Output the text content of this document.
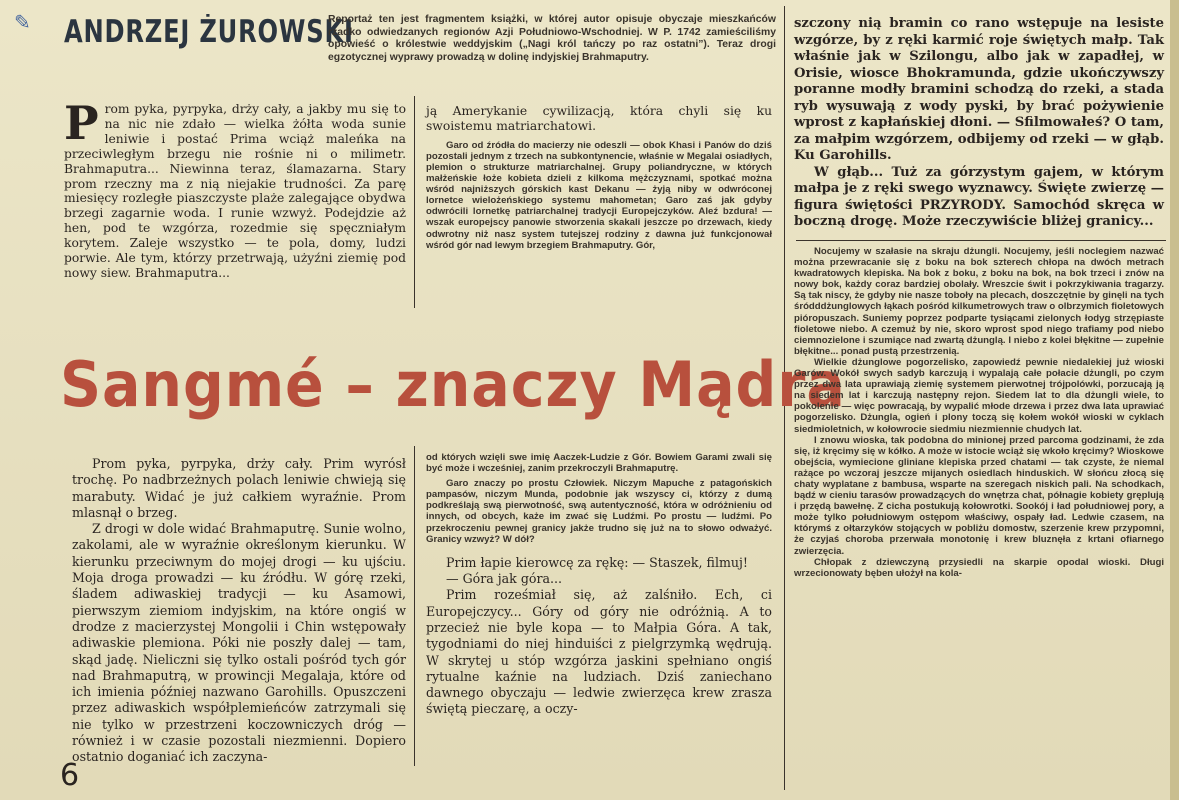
✎ ANDRZEJ ŻUROWSKI
Reportaż ten jest fragmentem książki, w której autor opisuje obyczaje mieszkańców rzadko odwiedzanych regionów Azji Południowo-Wschodniej. W P. 1742 zamieściliśmy opowieść o królestwie weddyjskim („Nagi król tańczy po raz ostatni”). Teraz drogi egzotycznej wyprawy prowadzą w dolinę indyjskiej Brahmaputry.
P rom pyka, pyrpyka, drży cały, a jakby mu się to na nic nie zdało — wielka żółta woda sunie leniwie i postać Prima wciąż maleńka na przeciwległym brzegu nie rośnie ni o milimetr. Brahmaputra... Niewinna teraz, ślamazarna. Stary prom rzeczny ma z nią niejakie trudności. Za parę miesięcy rozległe piaszczyste plaże zalegające obydwa brzegi zagarnie woda. I runie wzwyż. Podejdzie aż hen, pod te wzgórza, rozedmie się spęczniałym korytem. Zaleje wszystko — te pola, domy, ludzi porwie. Ale tym, którzy przetrwają, użyźni ziemię pod nowy siew. Brahmaputra...

ją Amerykanie cywilizacją, która chyli się ku swoistemu matriarchatowi.

Garo od źródła do macierzy nie odeszli — obok Khasi i Panów do dziś pozostali jednym z trzech na subkontynencie, właśnie w Megalai osiadłych, plemion o strukturze matriarchalnej. Grupy poliandryczne, w których małżeńskie łoże kobieta dzieli z kilkoma mężczyznami, spotkać można wśród najniższych górskich kast Dekanu — żyją niby w odwróconej lornetce wielożeńskiego systemu mahometan; Garo zaś jak gdyby odwrócili lornetkę patriarchalnej tradycji Europejczyków. Aleź bzdura! — wszak europejscy panowie stworzenia skakali jeszcze po drzewach, kiedy odwrotny niż nasz system tutejszej rodziny z dawna już funkcjonował wśród gór nad lewym brzegiem Brahmaputry. Gór,

Sangmé – znaczy Mądra

Prom pyka, pyrpyka, drży cały. Prim wyrósł trochę. Po nadbrzeżnych polach leniwie chwieją się marabuty. Widać je już całkiem wyraźnie. Prom mlasnął o brzeg.

Z drogi w dole widać Brahmaputrę. Sunie wolno, zakolami, ale w wyraźnie określonym kierunku. W kierunku przeciwnym do mojej drogi — ku ujściu. Moja droga prowadzi — ku źródłu. W górę rzeki, śladem adiwaskiej tradycji — ku Asamowi, pierwszym ziemiom indyjskim, na które ongiś w drodze z macierzystej Mongolii i Chin wstępowały adiwaskie plemiona. Póki nie poszły dalej — tam, skąd jadę. Nieliczni się tylko ostali pośród tych gór nad Brahmaputrą, w prowincji Megalaja, które od ich imienia później nazwano Garohills. Opuszczeni przez adiwaskich współplemieńców zatrzymali się nie tylko w przestrzeni koczowniczych dróg — również i w czasie pozostali niezmienni. Dopiero ostatnio doganiać ich zaczyna-

od których wzięli swe imię Aaczek-Ludzie z Gór. Bowiem Garami zwali się być może i wcześniej, zanim przekroczyli Brahmaputrę.

Garo znaczy po prostu Człowiek. Niczym Mapuche z patagońskich pampasów, niczym Munda, podobnie jak wszyscy ci, którzy z dumą podkreślają swą pierwotność, swą autentyczność, która w odróżnieniu od innych, od obcych, każe im zwać się Ludźmi. Po prostu — ludźmi. Po przekroczeniu pewnej granicy jakże trudno się już na to słowo odważyć. Granicy wzwyż? W dół?

Prim łapie kierowcę za rękę: — Staszek, filmuj!

— Góra jak góra...

Prim roześmiał się, aż zalśniło. Ech, ci Europejczycy... Góry od góry nie odróżnią. A to przecież nie byle kopa — to Małpia Góra. A tak, tygodniami do niej hinduiści z pielgrzymką wędrują. W skrytej u stóp wzgórza jaskini spełniano ongiś rytualne kaźnie na ludziach. Dziś zaniechano dawnego obyczaju — ledwie zwierzęca krew zrasza świętą pieczarę, a oczy-

szczony nią bramin co rano wstępuje na lesiste wzgórze, by z ręki karmić roje świętych małp. Tak właśnie jak w Szilongu, albo jak w zapadłej, w Orisie, wiosce Bhokramunda, gdzie ukończywszy poranne modły bramini schodzą do rzeki, a stada ryb wysuwają z wody pyski, by brać pożywienie wprost z kapłańskiej dłoni. — Sfilmowałeś? O tam, za małpim wzgórzem, odbijemy od rzeki — w głąb. Ku Garohills.

W głąb... Tuż za górzystym gajem, w którym małpa je z ręki swego wyznawcy. Święte zwierzę — figura świętości PRZYRODY. Samochód skręca w boczną drogę. Może rzeczywiście bliżej granicy...

Nocujemy w szałasie na skraju dżungli. Nocujemy, jeśli noclegiem nazwać można przewracanie się z boku na bok szterech chłopa na dwóch metrach kwadratowych klepiska. Na bok z boku, z boku na bok, na bok trzeci i znów na nowy bok, każdy coraz bardziej obolały. Wreszcie świt i pokrzykiwania tragarzy. Są tak niscy, że gdyby nie nasze toboły na plecach, doszczętnie by ginęli na tych śródddżunglowych łąkach pośród kilkumetrowych traw o olbrzymich fioletowych pióropuszach. Suniemy poprzez podparte tysiącami zielonych łodyg strzępiaste fioletowe niebo. A czemuż by nie, skoro wprost spod niego trafiamy pod niebo ciemnozielone i szumiące nad zwartą dżunglą. I niebo z kolei błękitne — zupełnie błękitne... ponad pustą przestrzenią.

Wielkie dżunglowe pogorzelisko, zapowiedź pewnie niedalekiej już wioski Garów. Wokół swych sadyb karczują i wypalają całe połacie dżungli, po czym przez dwa lata uprawiają ziemię systemem pierwotnej trójpolówki, porzucają ją na siedem lat i karczują następny rejon. Siedem lat to dla dżungli wiele, to pokolenie — więc powracają, by wypalić młode drzewa i przez dwa lata uprawiać pogorzelisko. Dżungla, ogień i plony toczą się kołem wokół wioski w cyklach siedmioletnich, w kołowrocie siedmiu niezmiennie chudych lat.

I znowu wioska, tak podobna do minionej przed parcoma godzinami, że zda się, iż kręcimy się w kółko. A może w istocie wciąż się wkoło kręcimy? Wioskowe obejścia, wymiecione gliniane klepiska przed chatami — tak czyste, że niemal rażące po wczoraj jeszcze mijanych osiedlach hinduskich. W słońcu złocą się chaty wyplatane z bambusa, wsparte na szeregach niskich pali. Na schodkach, bądź w cieniu tarasów prowadzących do wnętrza chat, półnagie kobiety gręplują i przędą bawełnę. Z cicha postukują kołowrotki. Sookój i ład południowej pory, a może tylko południowym ostępom właściwy, ospały ład. Ledwie czasem, na którymś z ołtarzyków stojących w pobliżu domostw, szerzenie krew przypomni, że czyjaś choroba przerwała monotonię i krew bluznęła z krtani ofiarnego zwierzęcia.

Chłopak z dziewczyną przysiedli na skarpie opodal wioski. Długi wrzecionowaty bęben ułożył na kola-

6
